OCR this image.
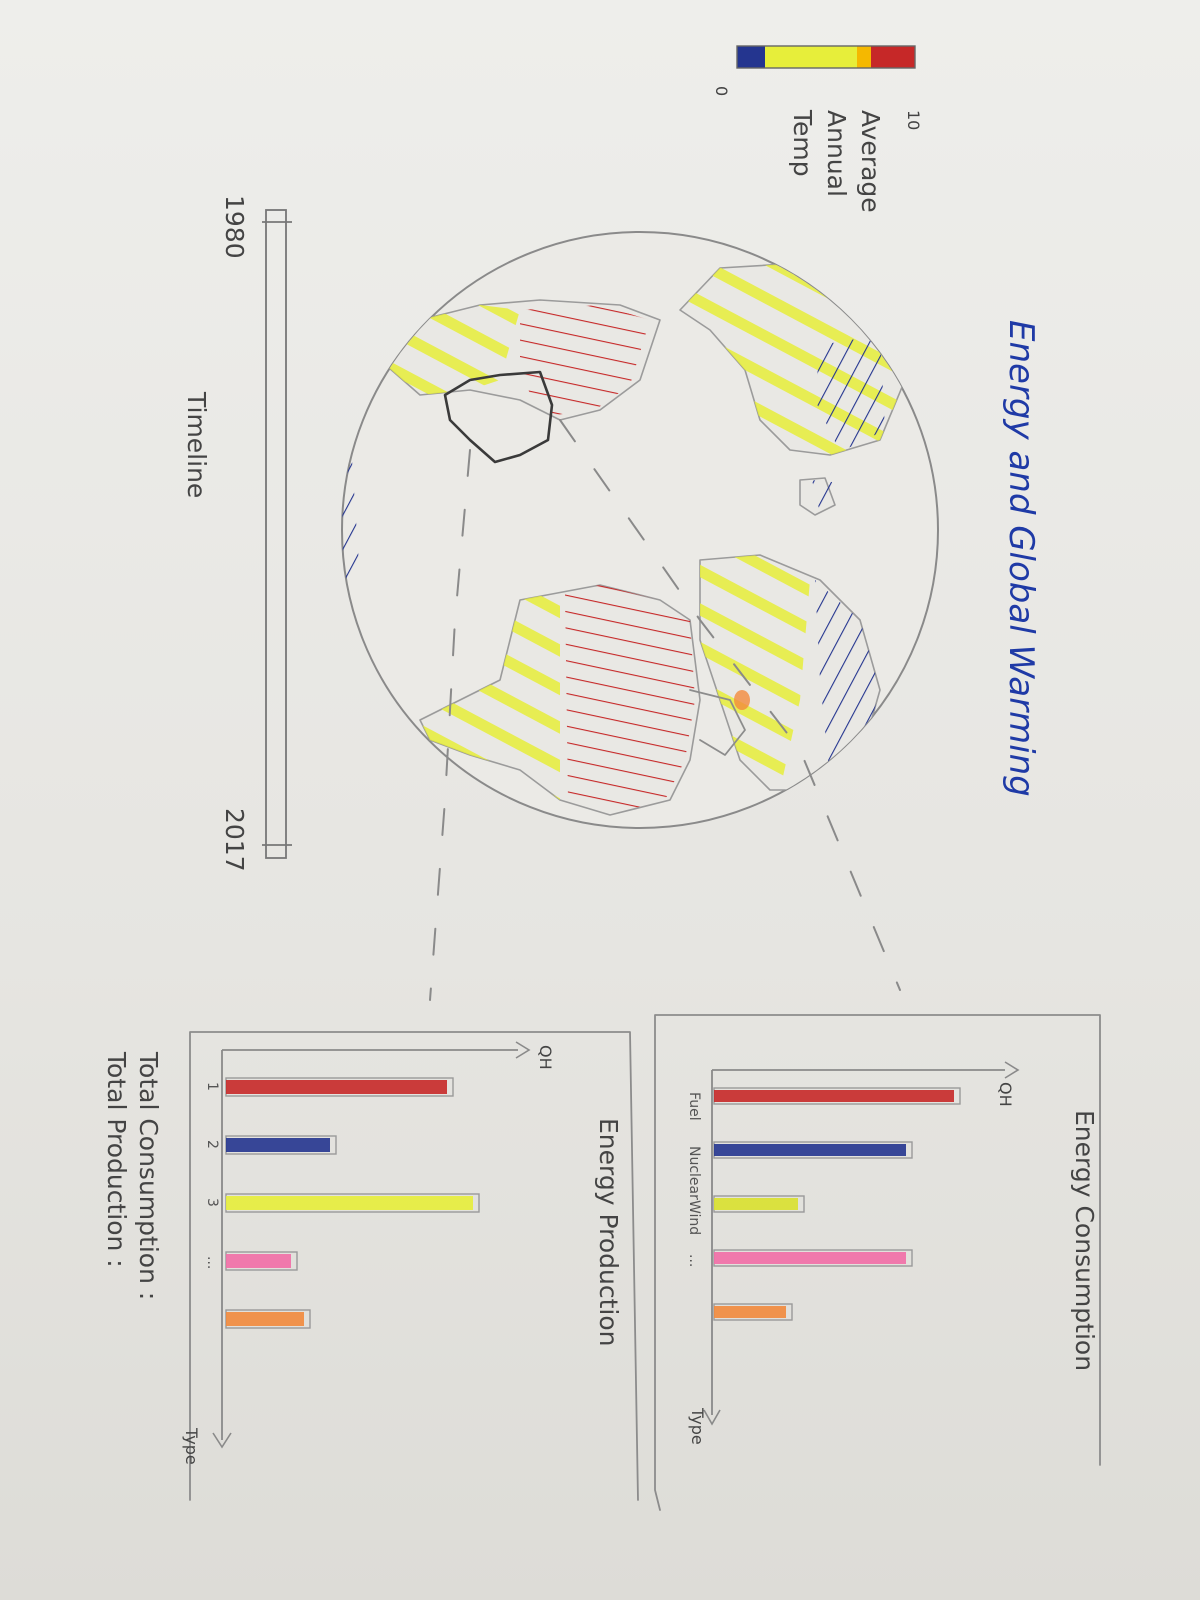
Energy and Global Warming
10
0
Average
Annual
Temp
1980
2017
Timeline
Energy Consumption
QH
Type
Fuel
Nuclear
Wind
...
Energy Production
QH
Type
1
2
3
...
Total Consumption :
Total Production :
